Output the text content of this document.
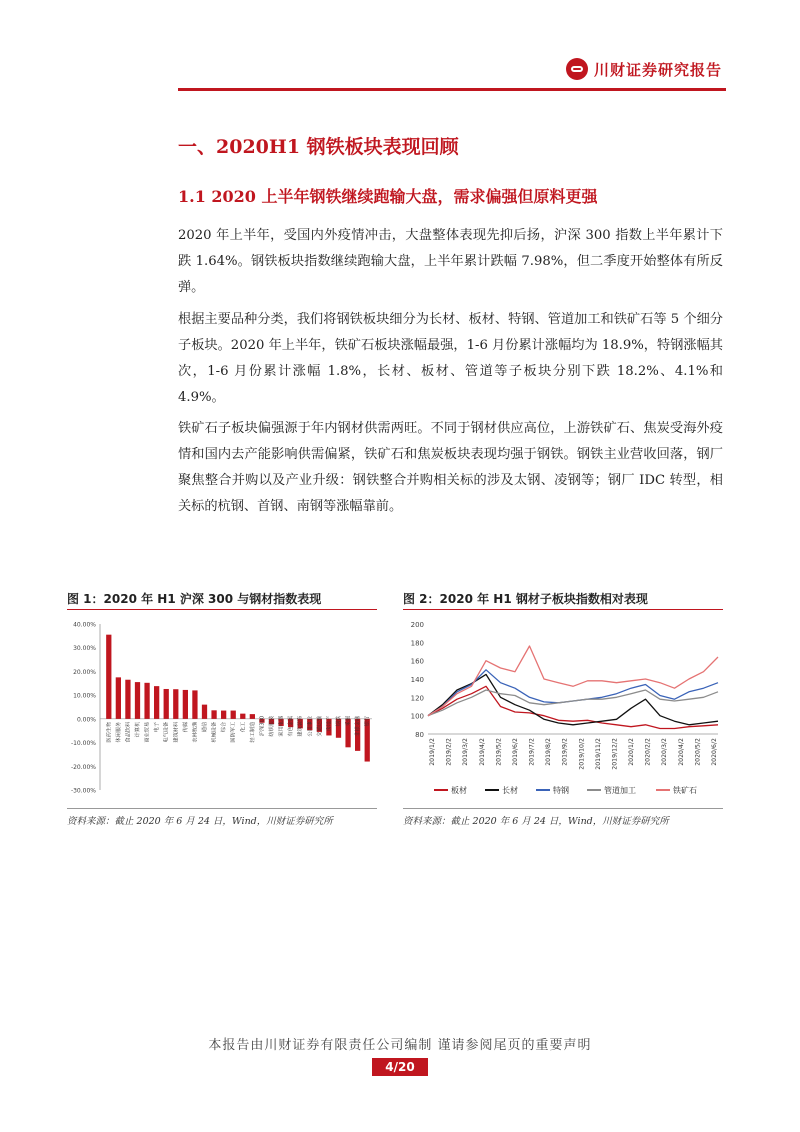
川财证券研究报告
一、2020H1 钢铁板块表现回顾
1.1 2020 上半年钢铁继续跑输大盘，需求偏强但原料更强
2020 年上半年，受国内外疫情冲击，大盘整体表现先抑后扬，沪深 300 指数上半年累计下跌 1.64%。钢铁板块指数继续跑输大盘，上半年累计跌幅 7.98%，但二季度开始整体有所反弹。
根据主要品种分类，我们将钢铁板块细分为长材、板材、特钢、管道加工和铁矿石等 5 个细分子板块。2020 年上半年，铁矿石板块涨幅最强，1-6 月份累计涨幅均为 18.9%，特钢涨幅其次，1-6 月份累计涨幅 1.8%，长材、板材、管道等子板块分别下跌 18.2%、4.1%和 4.9%。
铁矿石子板块偏强源于年内钢材供需两旺。不同于钢材供应高位，上游铁矿石、焦炭受海外疫情和国内去产能影响供需偏紧，铁矿石和焦炭板块表现均强于钢铁。钢铁主业营收回落，钢厂聚焦整合并购以及产业升级：钢铁整合并购相关标的涉及太钢、凌钢等；钢厂 IDC 转型，相关标的杭钢、首钢、南钢等涨幅靠前。
图 1：2020 年 H1 沪深 300 与钢材指数表现
-30.00%
-20.00%
-10.00%
0.00%
10.00%
20.00%
30.00%
40.00%
医药生物 休闲服务 食品饮料 计算机 商业贸易 电子 电气设备 建筑材料 传媒 农林牧渔 通信 机械设备 综合 国防军工 化工 轻工制造 沪深300 纺织服装 家用电器 有色金属 建筑装饰 公用事业 交通运输 房地产 钢铁 采掘 非银金融 银行
资料来源：截止 2020 年 6 月 24 日，Wind，川财证券研究所
图 2：2020 年 H1 钢材子板块指数相对表现
80
100
120
140
160
180
200
2019/1/2 2019/2/2 2019/3/2 2019/4/2 2019/5/2 2019/6/2 2019/7/2 2019/8/2 2019/9/2 2019/10/2 2019/11/2 2019/12/2 2020/1/2 2020/2/2 2020/3/2 2020/4/2 2020/5/2 2020/6/2
板材	长材	特钢	管道加工	铁矿石
资料来源：截止 2020 年 6 月 24 日，Wind，川财证券研究所
本报告由川财证券有限责任公司编制 谨请参阅尾页的重要声明
4/20
